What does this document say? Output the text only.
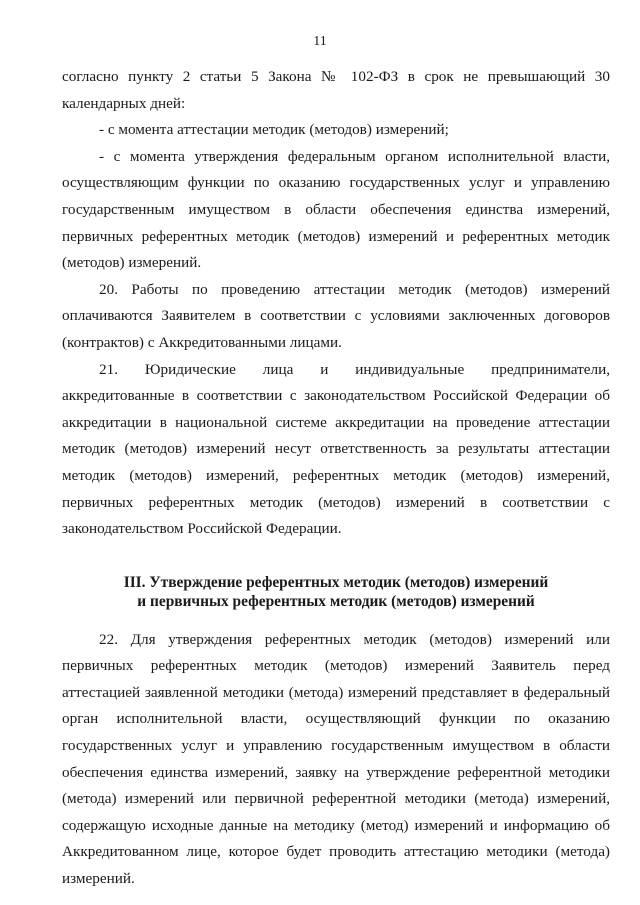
11

согласно пункту 2 статьи 5 Закона № 102-ФЗ в срок не превышающий 30 календарных дней:

- с момента аттестации методик (методов) измерений;

- с момента утверждения федеральным органом исполнительной власти, осуществляющим функции по оказанию государственных услуг и управлению государственным имуществом в области обеспечения единства измерений, первичных референтных методик (методов) измерений и референтных методик (методов) измерений.

20. Работы по проведению аттестации методик (методов) измерений оплачиваются Заявителем в соответствии с условиями заключенных договоров (контрактов) с Аккредитованными лицами.

21. Юридические лица и индивидуальные предприниматели, аккредитованные в соответствии с законодательством Российской Федерации об аккредитации в национальной системе аккредитации на проведение аттестации методик (методов) измерений несут ответственность за результаты аттестации методик (методов) измерений, референтных методик (методов) измерений, первичных референтных методик (методов) измерений в соответствии с законодательством Российской Федерации.

III. Утверждение референтных методик (методов) измерений
и первичных референтных методик (методов) измерений

22. Для утверждения референтных методик (методов) измерений или первичных референтных методик (методов) измерений Заявитель перед аттестацией заявленной методики (метода) измерений представляет в федеральный орган исполнительной власти, осуществляющий функции по оказанию государственных услуг и управлению государственным имуществом в области обеспечения единства измерений, заявку на утверждение референтной методики (метода) измерений или первичной референтной методики (метода) измерений, содержащую исходные данные на методику (метод) измерений и информацию об Аккредитованном лице, которое будет проводить аттестацию методики (метода) измерений.
